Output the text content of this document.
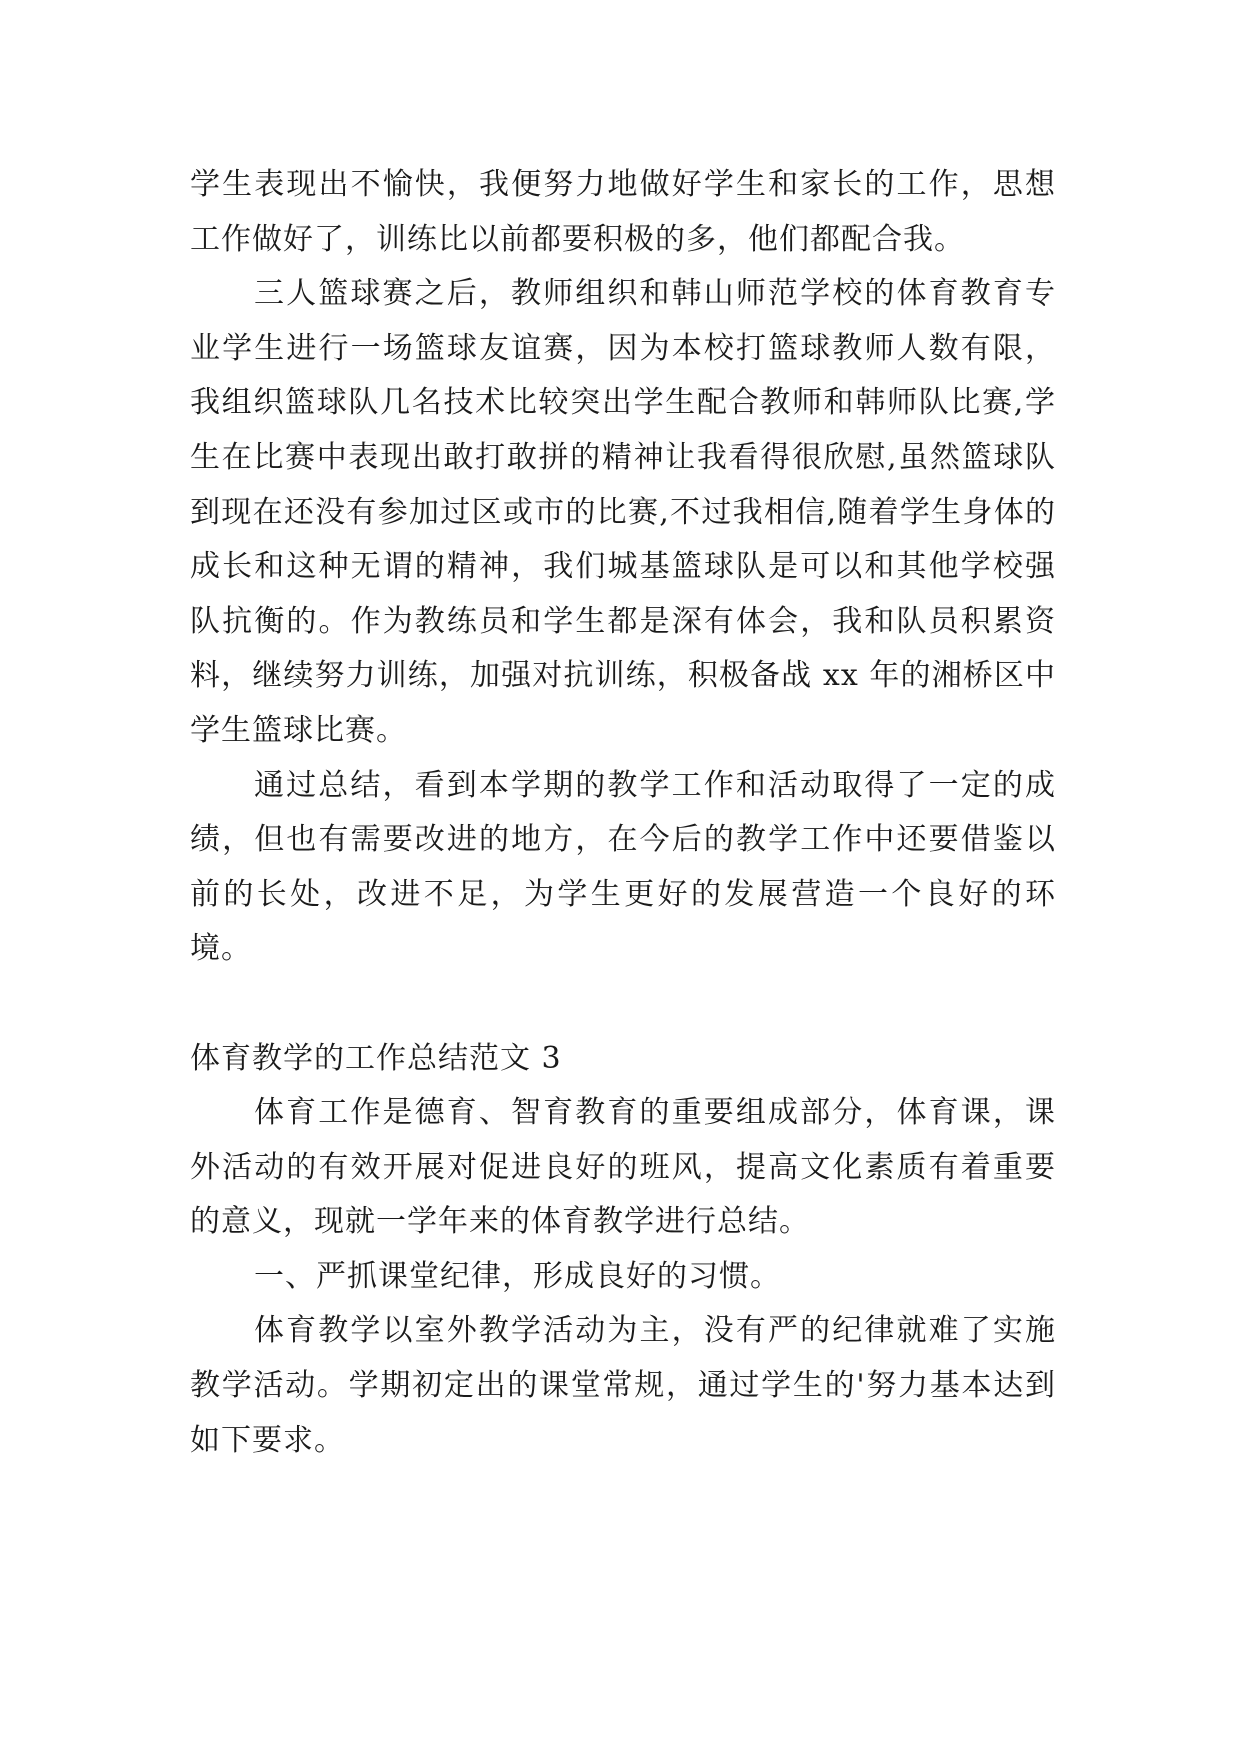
学生表现出不愉快，我便努力地做好学生和家长的工作，思想工作做好了，训练比以前都要积极的多，他们都配合我。

三人篮球赛之后，教师组织和韩山师范学校的体育教育专业学生进行一场篮球友谊赛，因为本校打篮球教师人数有限，我组织篮球队几名技术比较突出学生配合教师和韩师队比赛,学生在比赛中表现出敢打敢拼的精神让我看得很欣慰,虽然篮球队到现在还没有参加过区或市的比赛,不过我相信,随着学生身体的成长和这种无谓的精神，我们城基篮球队是可以和其他学校强队抗衡的。作为教练员和学生都是深有体会，我和队员积累资料，继续努力训练，加强对抗训练，积极备战 xx 年的湘桥区中学生篮球比赛。

通过总结，看到本学期的教学工作和活动取得了一定的成绩，但也有需要改进的地方，在今后的教学工作中还要借鉴以前的长处，改进不足，为学生更好的发展营造一个良好的环境。

体育教学的工作总结范文 3

体育工作是德育、智育教育的重要组成部分，体育课，课外活动的有效开展对促进良好的班风，提高文化素质有着重要的意义，现就一学年来的体育教学进行总结。

一、严抓课堂纪律，形成良好的习惯。

体育教学以室外教学活动为主，没有严的纪律就难了实施教学活动。学期初定出的课堂常规，通过学生的'努力基本达到如下要求。
